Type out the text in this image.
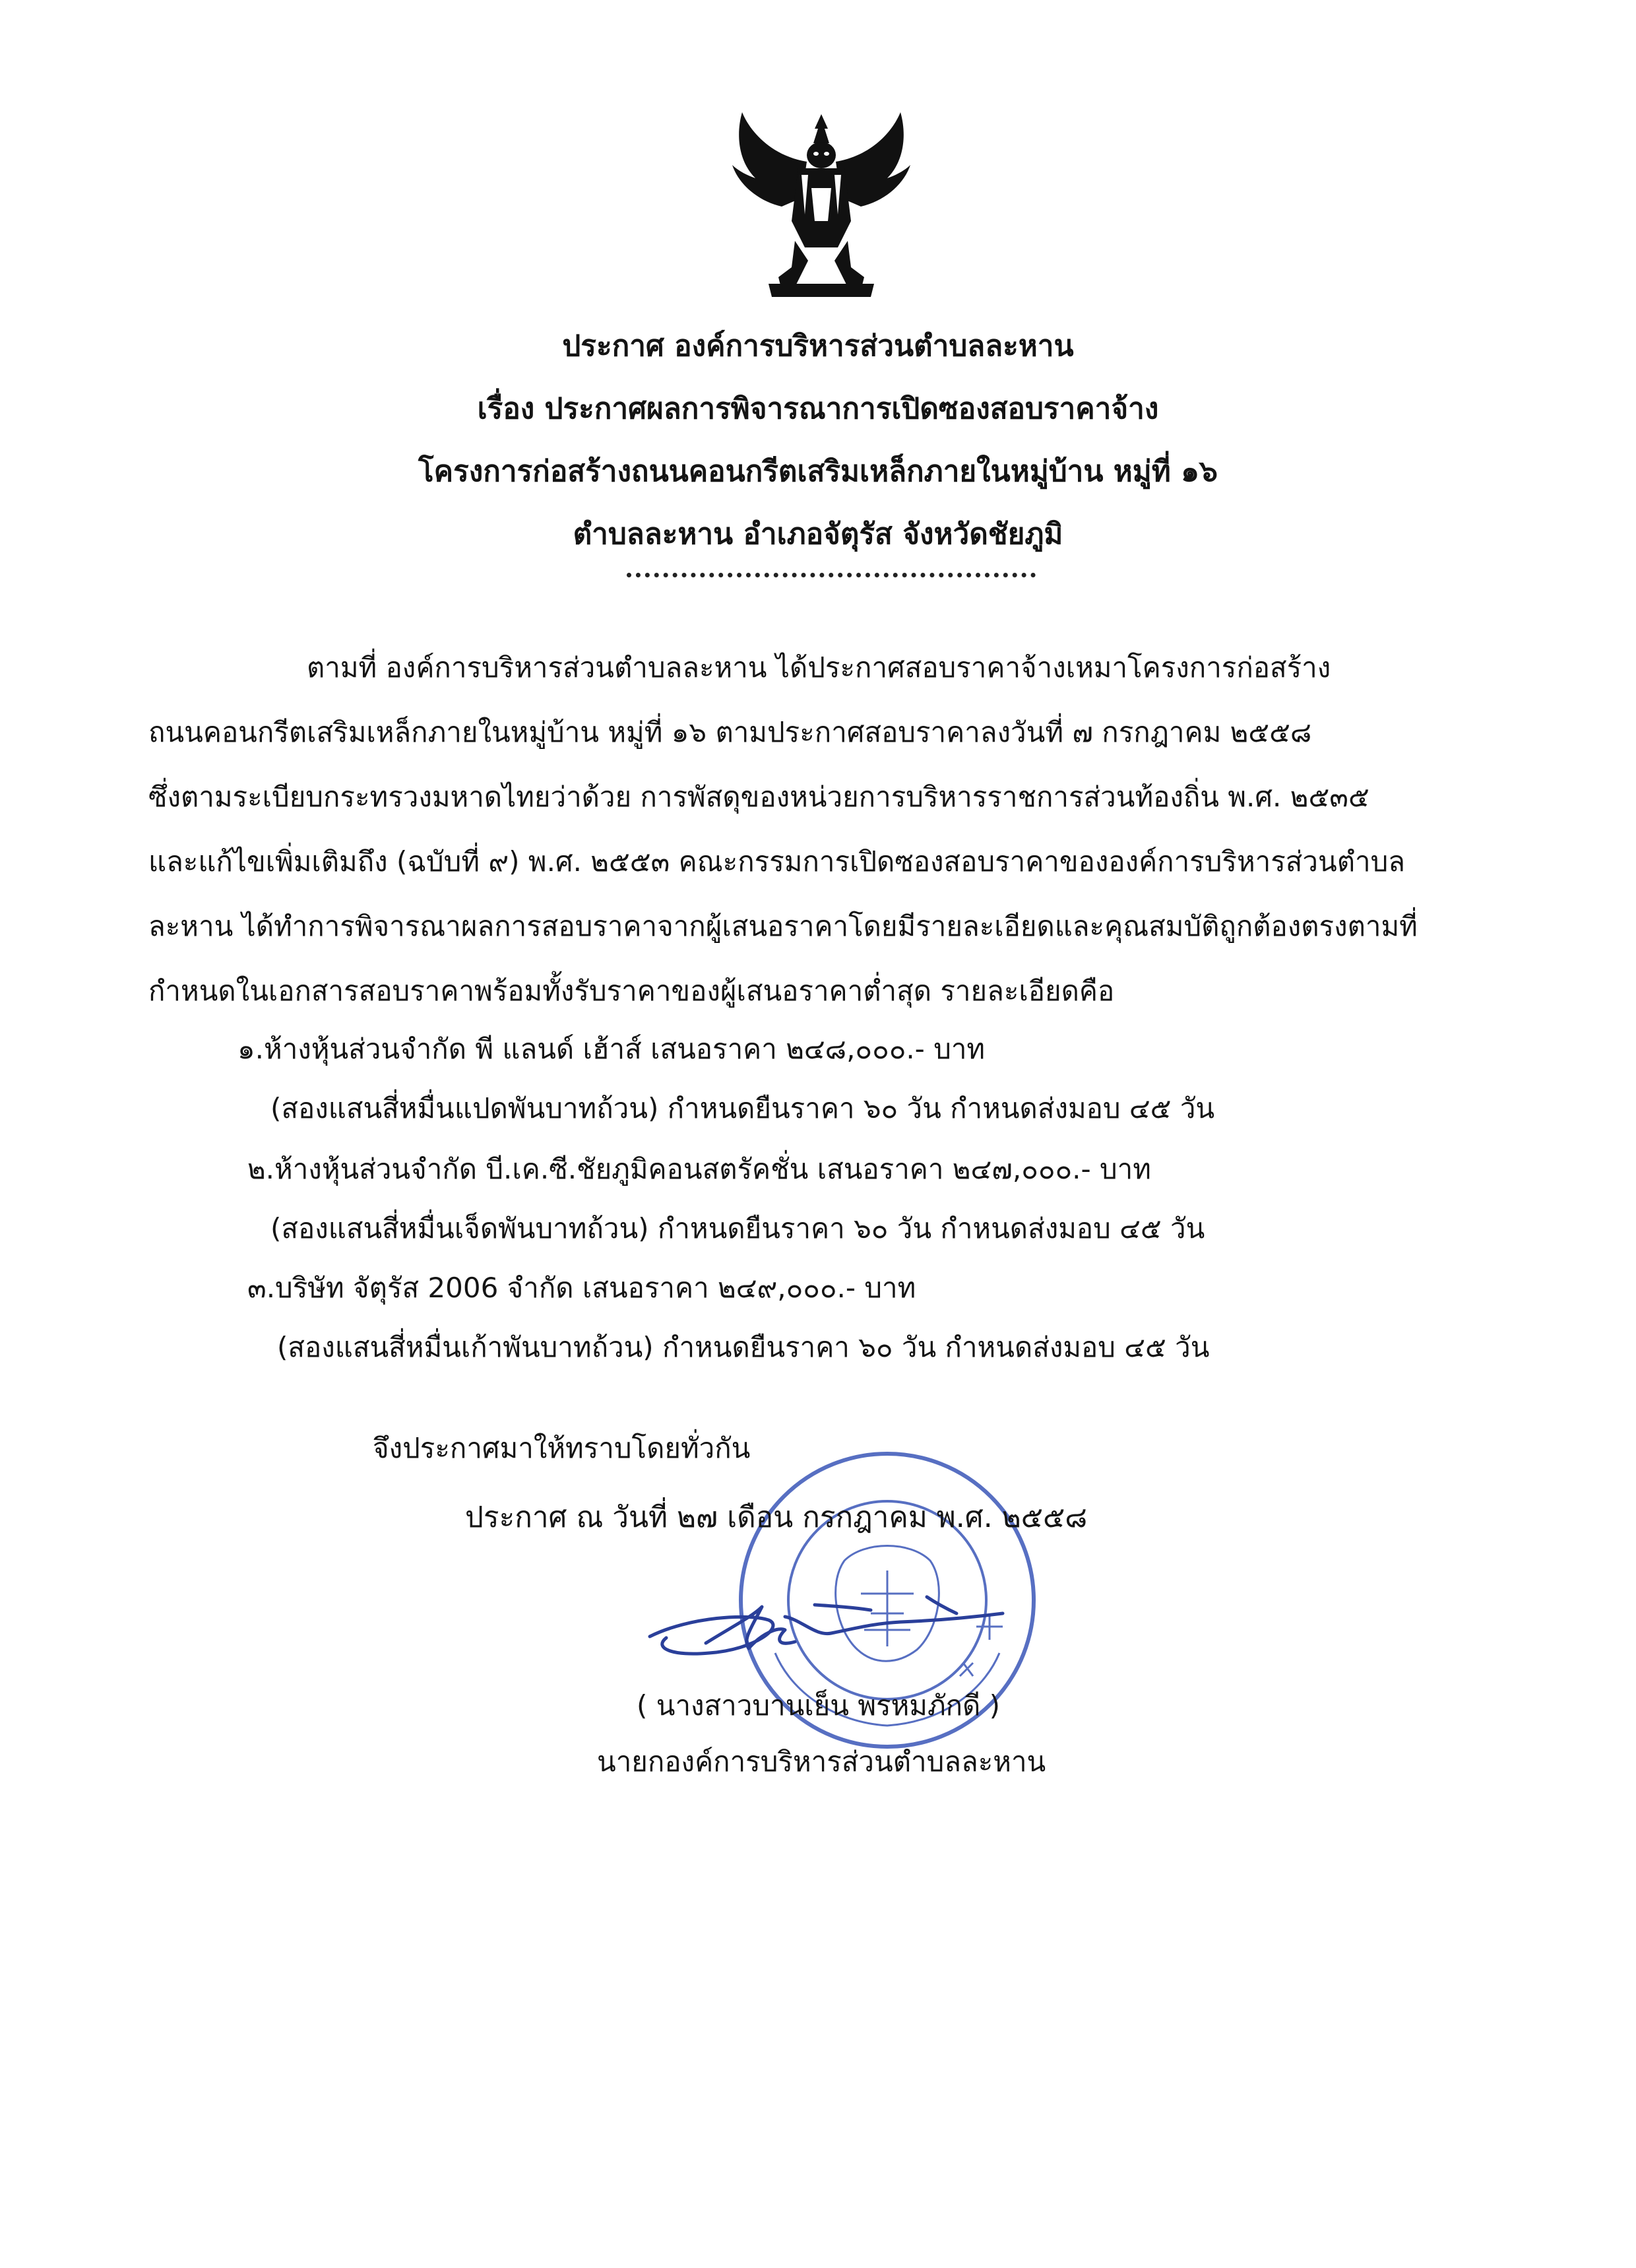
ประกาศ องค์การบริหารส่วนตำบลละหาน
เรื่อง ประกาศผลการพิจารณาการเปิดซองสอบราคาจ้าง
โครงการก่อสร้างถนนคอนกรีตเสริมเหล็กภายในหมู่บ้าน หมู่ที่ ๑๖
ตำบลละหาน อำเภอจัตุรัส จังหวัดชัยภูมิ
ตามที่ องค์การบริหารส่วนตำบลละหาน ได้ประกาศสอบราคาจ้างเหมาโครงการก่อสร้าง
ถนนคอนกรีตเสริมเหล็กภายในหมู่บ้าน หมู่ที่ ๑๖ ตามประกาศสอบราคาลงวันที่ ๗ กรกฎาคม ๒๕๕๘
ซึ่งตามระเบียบกระทรวงมหาดไทยว่าด้วย การพัสดุของหน่วยการบริหารราชการส่วนท้องถิ่น พ.ศ. ๒๕๓๕
และแก้ไขเพิ่มเติมถึง (ฉบับที่ ๙) พ.ศ. ๒๕๕๓ คณะกรรมการเปิดซองสอบราคาขององค์การบริหารส่วนตำบล
ละหาน ได้ทำการพิจารณาผลการสอบราคาจากผู้เสนอราคาโดยมีรายละเอียดและคุณสมบัติถูกต้องตรงตามที่
กำหนดในเอกสารสอบราคาพร้อมทั้งรับราคาของผู้เสนอราคาต่ำสุด รายละเอียดคือ
๑.ห้างหุ้นส่วนจำกัด พี แลนด์ เฮ้าส์ เสนอราคา ๒๔๘,๐๐๐.- บาท
(สองแสนสี่หมื่นแปดพันบาทถ้วน) กำหนดยืนราคา ๖๐ วัน กำหนดส่งมอบ ๔๕ วัน
๒.ห้างหุ้นส่วนจำกัด บี.เค.ซี.ชัยภูมิคอนสตรัคชั่น เสนอราคา ๒๔๗,๐๐๐.- บาท
(สองแสนสี่หมื่นเจ็ดพันบาทถ้วน) กำหนดยืนราคา ๖๐ วัน กำหนดส่งมอบ ๔๕ วัน
๓.บริษัท จัตุรัส 2006 จำกัด เสนอราคา ๒๔๙,๐๐๐.- บาท
(สองแสนสี่หมื่นเก้าพันบาทถ้วน) กำหนดยืนราคา ๖๐ วัน กำหนดส่งมอบ ๔๕ วัน
จึงประกาศมาให้ทราบโดยทั่วกัน
ประกาศ ณ วันที่ ๒๗ เดือน กรกฎาคม พ.ศ. ๒๕๕๘
( นางสาวบานเย็น พรหมภักดี )
นายกองค์การบริหารส่วนตำบลละหาน
